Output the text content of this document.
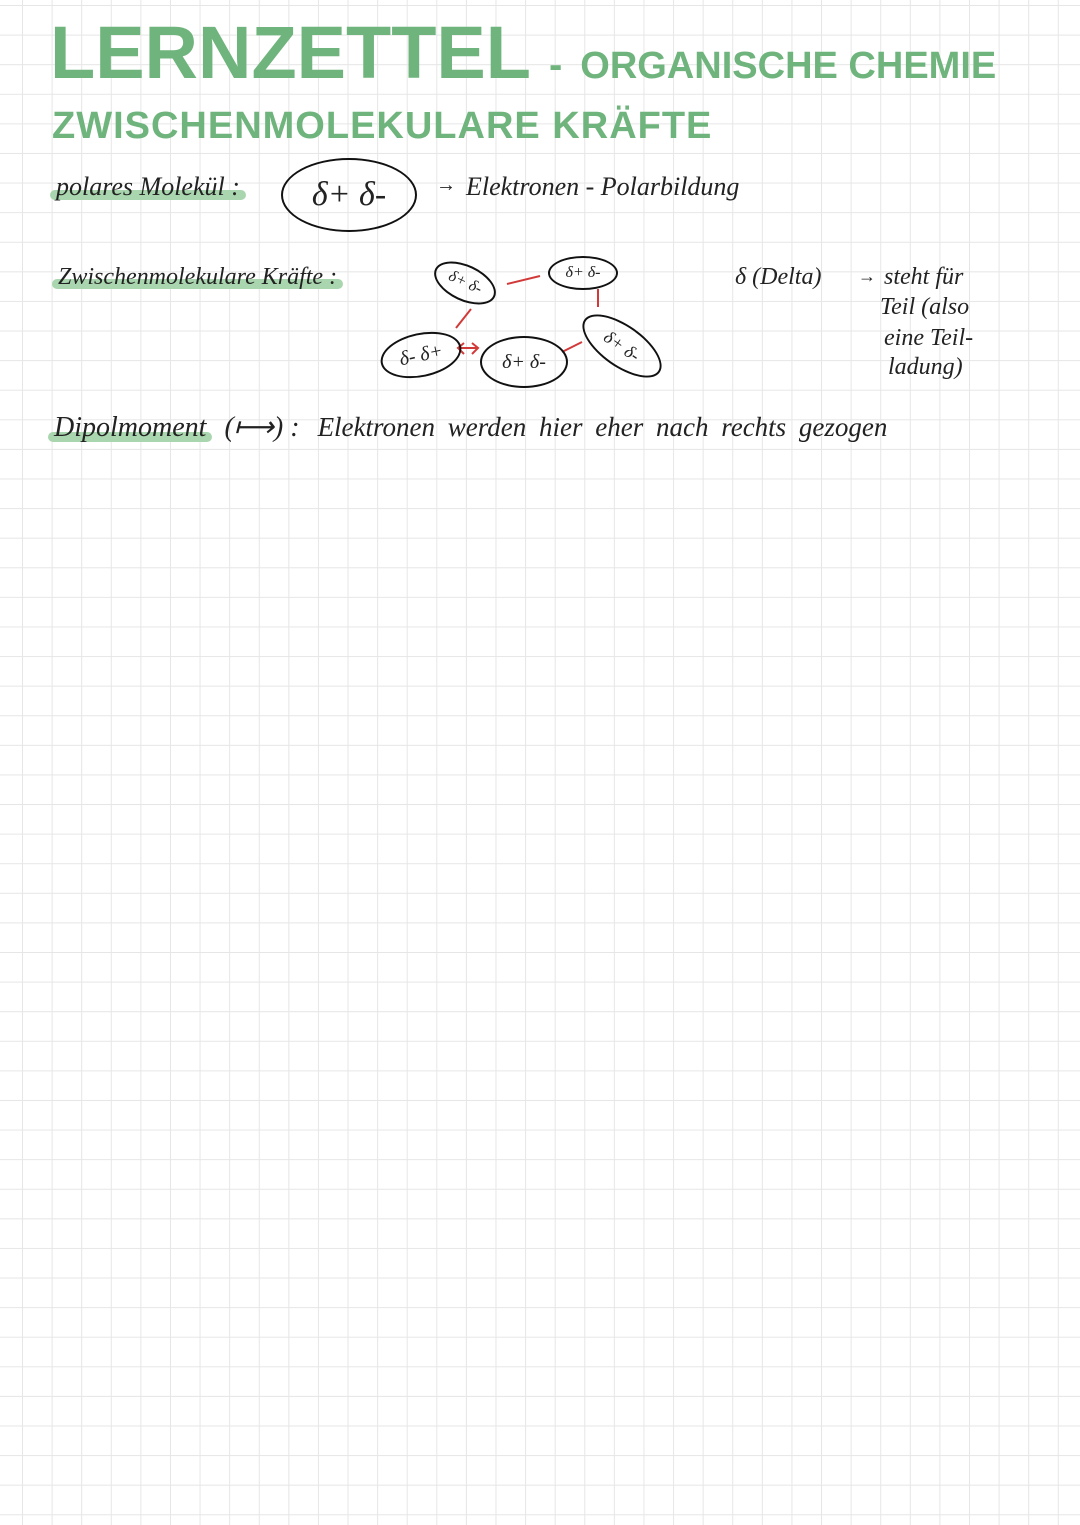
LERNZETTEL - ORGANISCHE CHEMIE
ZWISCHENMOLEKULARE KRÄFTE
polares Molekül :	δ+ δ-	→ Elektronen - Polarbildung
Zwischenmolekulare Kräfte :	δ+ δ-	δ+ δ-
δ- δ+	δ+ δ-	δ+ δ-
δ (Delta) → steht für
Teil (also
eine Teil-
ladung)
Dipolmoment (⟼) : Elektronen werden hier eher nach rechts gezogen
